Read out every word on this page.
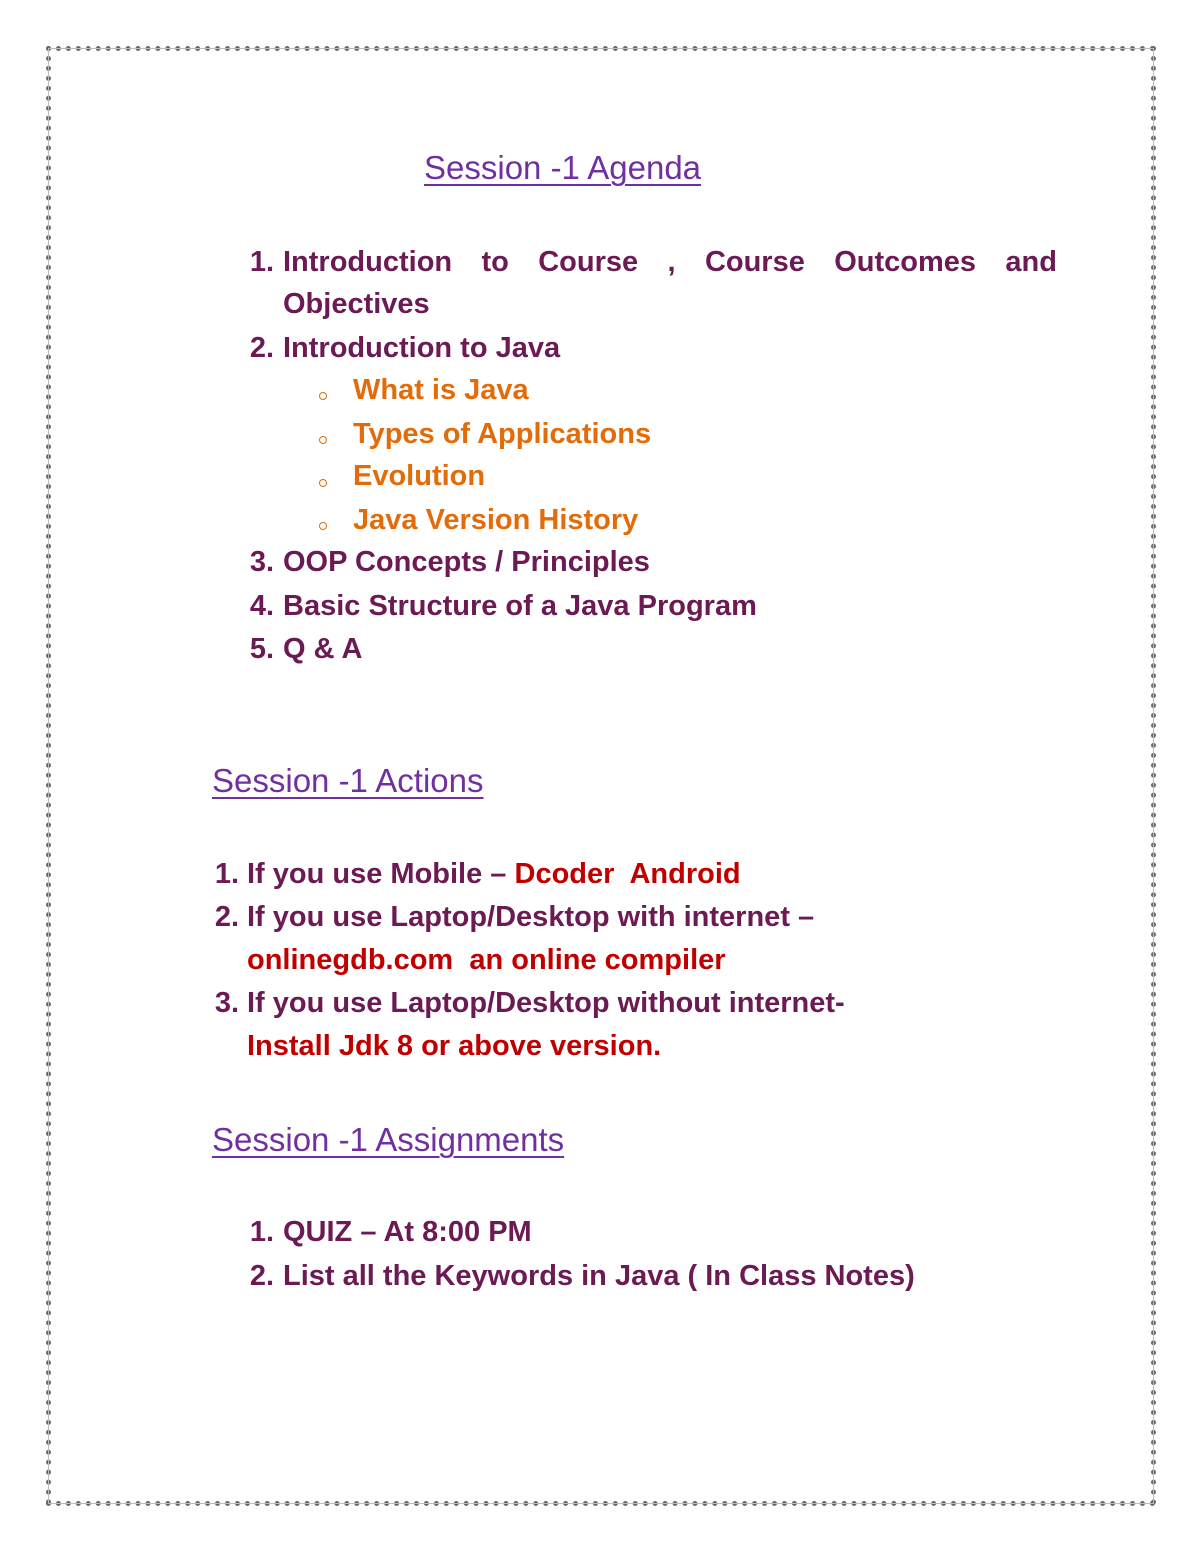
Session -1 Agenda
1. Introduction to Course , Course Outcomes and
Objectives
2. Introduction to Java
What is Java
Types of Applications
Evolution
Java Version History
3. OOP Concepts / Principles
4. Basic Structure of a Java Program
5. Q & A
Session -1 Actions
1. If you use Mobile – Dcoder  Android
2. If you use Laptop/Desktop with internet –
onlinegdb.com  an online compiler
3. If you use Laptop/Desktop without internet-
Install Jdk 8 or above version.
Session -1 Assignments
1. QUIZ – At 8:00 PM
2. List all the Keywords in Java ( In Class Notes)
